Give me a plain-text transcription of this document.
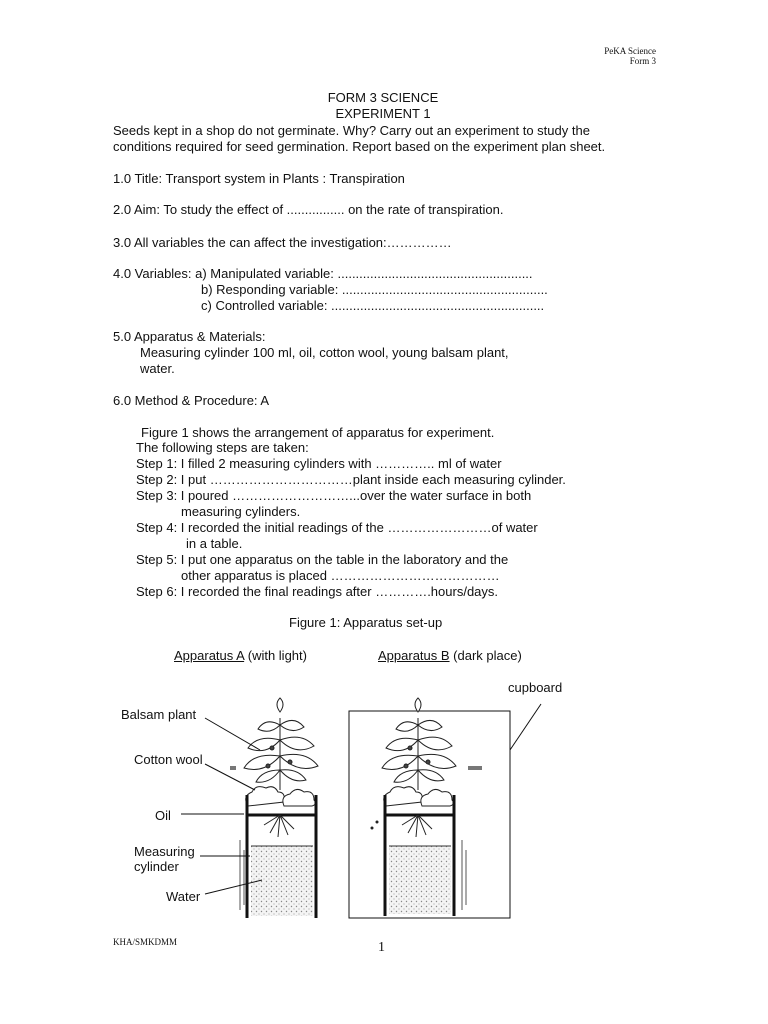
PeKA Science
Form 3
FORM 3 SCIENCE
EXPERIMENT 1
Seeds kept in a shop do not germinate. Why? Carry out an experiment to study the
conditions required for seed germination. Report based on the experiment plan sheet.
1.0 Title: Transport system in Plants : Transpiration
2.0 Aim: To study the effect of ................ on the rate of transpiration.
3.0 All variables the can affect the investigation:……………
4.0 Variables: a) Manipulated variable: ......................................................
b) Responding variable: .........................................................
c) Controlled variable: ...........................................................
5.0 Apparatus & Materials:
Measuring cylinder 100 ml, oil, cotton wool, young balsam plant,
water.
6.0 Method & Procedure: A
Figure 1 shows the arrangement of apparatus for experiment.
The following steps are taken:
Step 1: I filled 2 measuring cylinders with ………….. ml of water
Step 2: I put ……………………………plant inside each measuring cylinder.
Step 3: I poured ………………………...over the water surface in both
measuring cylinders.
Step 4: I recorded the initial readings of the ……………………of water
in a table.
Step 5: I put one apparatus on the table in the laboratory and the
other apparatus is placed …………………………………
Step 6: I recorded the final readings after ………….hours/days.
Figure 1: Apparatus set-up
Apparatus A (with light)	Apparatus B (dark place)
cupboard
Balsam plant
Cotton wool
Oil
Measuring
cylinder
Water
KHA/SMKDMM	1
